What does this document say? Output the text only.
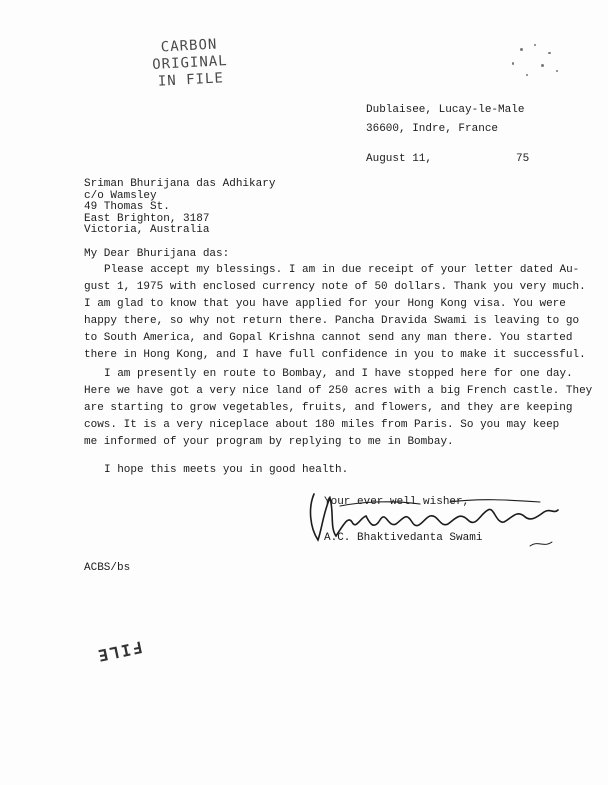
CARBON
ORIGINAL
IN FILE
Dublaisee, Lucay-le-Male
36600, Indre, France
August 11,	75
Sriman Bhurijana das Adhikary
c/o Wamsley
49 Thomas St.
East Brighton, 3187
Victoria, Australia
My Dear Bhurijana das:
Please accept my blessings. I am in due receipt of your letter dated Au-
gust 1, 1975 with enclosed currency note of 50 dollars. Thank you very much.
I am glad to know that you have applied for your Hong Kong visa. You were
happy there, so why not return there. Pancha Dravida Swami is leaving to go
to South America, and Gopal Krishna cannot send any man there. You started
there in Hong Kong, and I have full confidence in you to make it successful.
I am presently en route to Bombay, and I have stopped here for one day.
Here we have got a very nice land of 250 acres with a big French castle. They
are starting to grow vegetables, fruits, and flowers, and they are keeping
cows. It is a very niceplace about 180 miles from Paris. So you may keep
me informed of your program by replying to me in Bombay.
I hope this meets you in good health.
Your ever well wisher,
A.C. Bhaktivedanta Swami
ACBS/bs
FILE
